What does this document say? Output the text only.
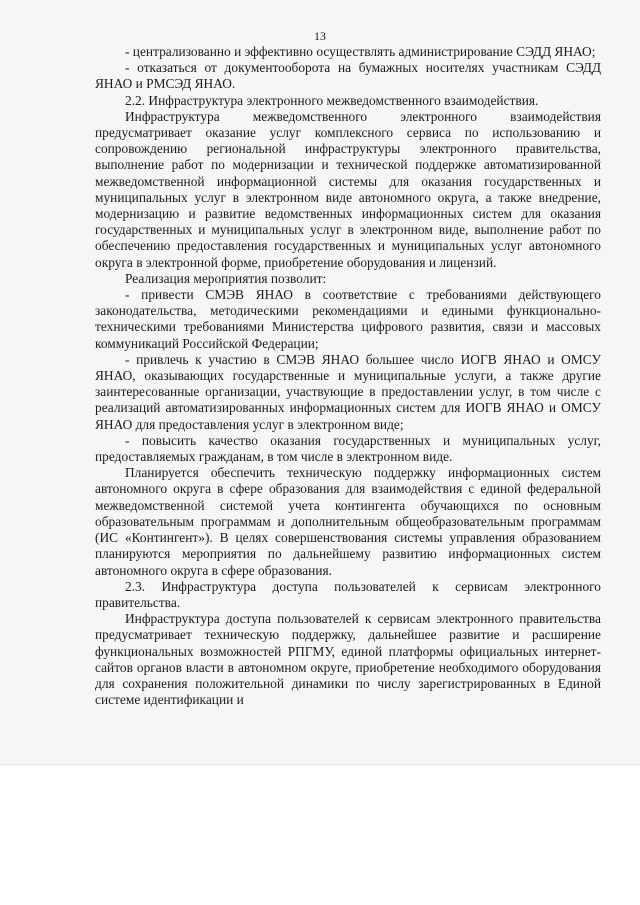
13

- централизованно и эффективно осуществлять администрирование СЭДД ЯНАО;

- отказаться от документооборота на бумажных носителях участникам СЭДД ЯНАО и РМСЭД ЯНАО.

2.2. Инфраструктура электронного межведомственного взаимодействия.

Инфраструктура межведомственного электронного взаимодействия предусматривает оказание услуг комплексного сервиса по использованию и сопровождению региональной инфраструктуры электронного правительства, выполнение работ по модернизации и технической поддержке автоматизированной межведомственной информационной системы для оказания государственных и муниципальных услуг в электронном виде автономного округа, а также внедрение, модернизацию и развитие ведомственных информационных систем для оказания государственных и муниципальных услуг в электронном виде, выполнение работ по обеспечению предоставления государственных и муниципальных услуг автономного округа в электронной форме, приобретение оборудования и лицензий.

Реализация мероприятия позволит:

- привести СМЭВ ЯНАО в соответствие с требованиями действующего законодательства, методическими рекомендациями и едиными функционально-техническими требованиями Министерства цифрового развития, связи и массовых коммуникаций Российской Федерации;

- привлечь к участию в СМЭВ ЯНАО большее число ИОГВ ЯНАО и ОМСУ ЯНАО, оказывающих государственные и муниципальные услуги, а также другие заинтересованные организации, участвующие в предоставлении услуг, в том числе с реализаций автоматизированных информационных систем для ИОГВ ЯНАО и ОМСУ ЯНАО для предоставления услуг в электронном виде;

- повысить качество оказания государственных и муниципальных услуг, предоставляемых гражданам, в том числе в электронном виде.

Планируется обеспечить техническую поддержку информационных систем автономного округа в сфере образования для взаимодействия с единой федеральной межведомственной системой учета контингента обучающихся по основным образовательным программам и дополнительным общеобразовательным программам (ИС «Контингент»). В целях совершенствования системы управления образованием планируются мероприятия по дальнейшему развитию информационных систем автономного округа в сфере образования.

2.3. Инфраструктура доступа пользователей к сервисам электронного правительства.

Инфраструктура доступа пользователей к сервисам электронного правительства предусматривает техническую поддержку, дальнейшее развитие и расширение функциональных возможностей РПГМУ, единой платформы официальных интернет-сайтов органов власти в автономном округе, приобретение необходимого оборудования для сохранения положительной динамики по числу зарегистрированных в Единой системе идентификации и
